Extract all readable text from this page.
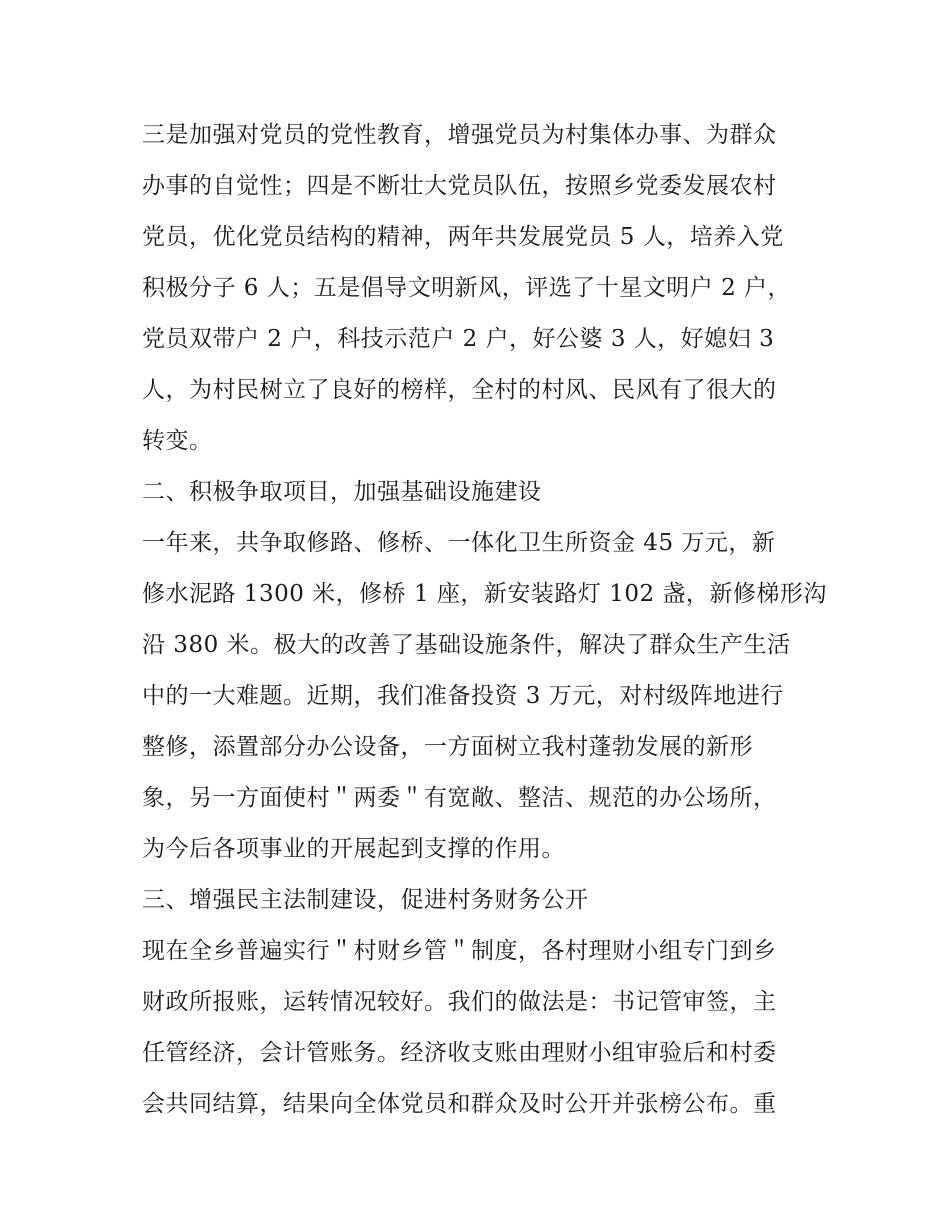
三是加强对党员的党性教育，增强党员为村集体办事、为群众
办事的自觉性；四是不断壮大党员队伍，按照乡党委发展农村
党员，优化党员结构的精神，两年共发展党员 5 人，培养入党
积极分子 6 人；五是倡导文明新风，评选了十星文明户 2 户，
党员双带户 2 户，科技示范户 2 户，好公婆 3 人，好媳妇 3
人，为村民树立了良好的榜样，全村的村风、民风有了很大的
转变。
二、积极争取项目，加强基础设施建设
一年来，共争取修路、修桥、一体化卫生所资金 45 万元，新
修水泥路 1300 米，修桥 1 座，新安装路灯 102 盏，新修梯形沟
沿 380 米。极大的改善了基础设施条件，解决了群众生产生活
中的一大难题。近期，我们准备投资 3 万元，对村级阵地进行
整修，添置部分办公设备，一方面树立我村蓬勃发展的新形
象，另一方面使村＂两委＂有宽敞、整洁、规范的办公场所，
为今后各项事业的开展起到支撑的作用。
三、增强民主法制建设，促进村务财务公开
现在全乡普遍实行＂村财乡管＂制度，各村理财小组专门到乡
财政所报账，运转情况较好。我们的做法是：书记管审签，主
任管经济，会计管账务。经济收支账由理财小组审验后和村委
会共同结算，结果向全体党员和群众及时公开并张榜公布。重
